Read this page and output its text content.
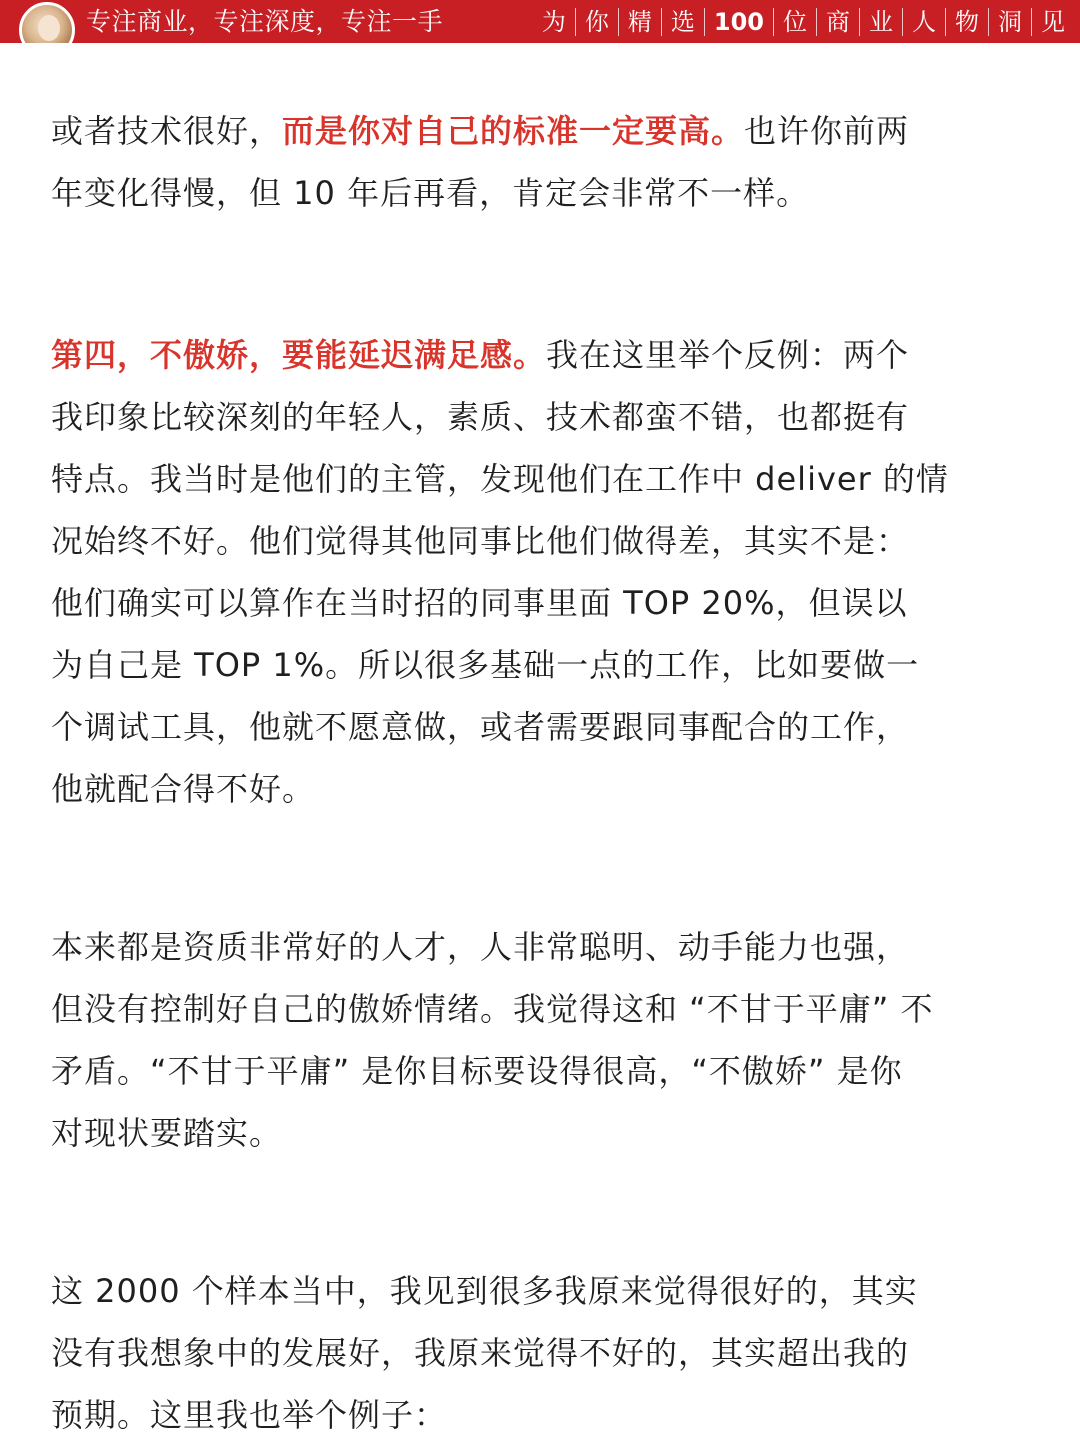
专注商业，专注深度，专注一手	为 你 精 选 100 位 商 业 人 物 洞 见

或者技术很好，而是你对自己的标准一定要高。也许你前两
年变化得慢，但 10 年后再看，肯定会非常不一样。

第四，不傲娇，要能延迟满足感。我在这里举个反例：两个
我印象比较深刻的年轻人，素质、技术都蛮不错，也都挺有
特点。我当时是他们的主管，发现他们在工作中 deliver 的情
况始终不好。他们觉得其他同事比他们做得差，其实不是：
他们确实可以算作在当时招的同事里面 TOP 20%，但误以
为自己是 TOP 1%。所以很多基础一点的工作，比如要做一
个调试工具，他就不愿意做，或者需要跟同事配合的工作，
他就配合得不好。

本来都是资质非常好的人才，人非常聪明、动手能力也强，
但没有控制好自己的傲娇情绪。我觉得这和 “不甘于平庸” 不
矛盾。“不甘于平庸” 是你目标要设得很高，“不傲娇” 是你
对现状要踏实。

这 2000 个样本当中，我见到很多我原来觉得很好的，其实
没有我想象中的发展好，我原来觉得不好的，其实超出我的
预期。这里我也举个例子：
